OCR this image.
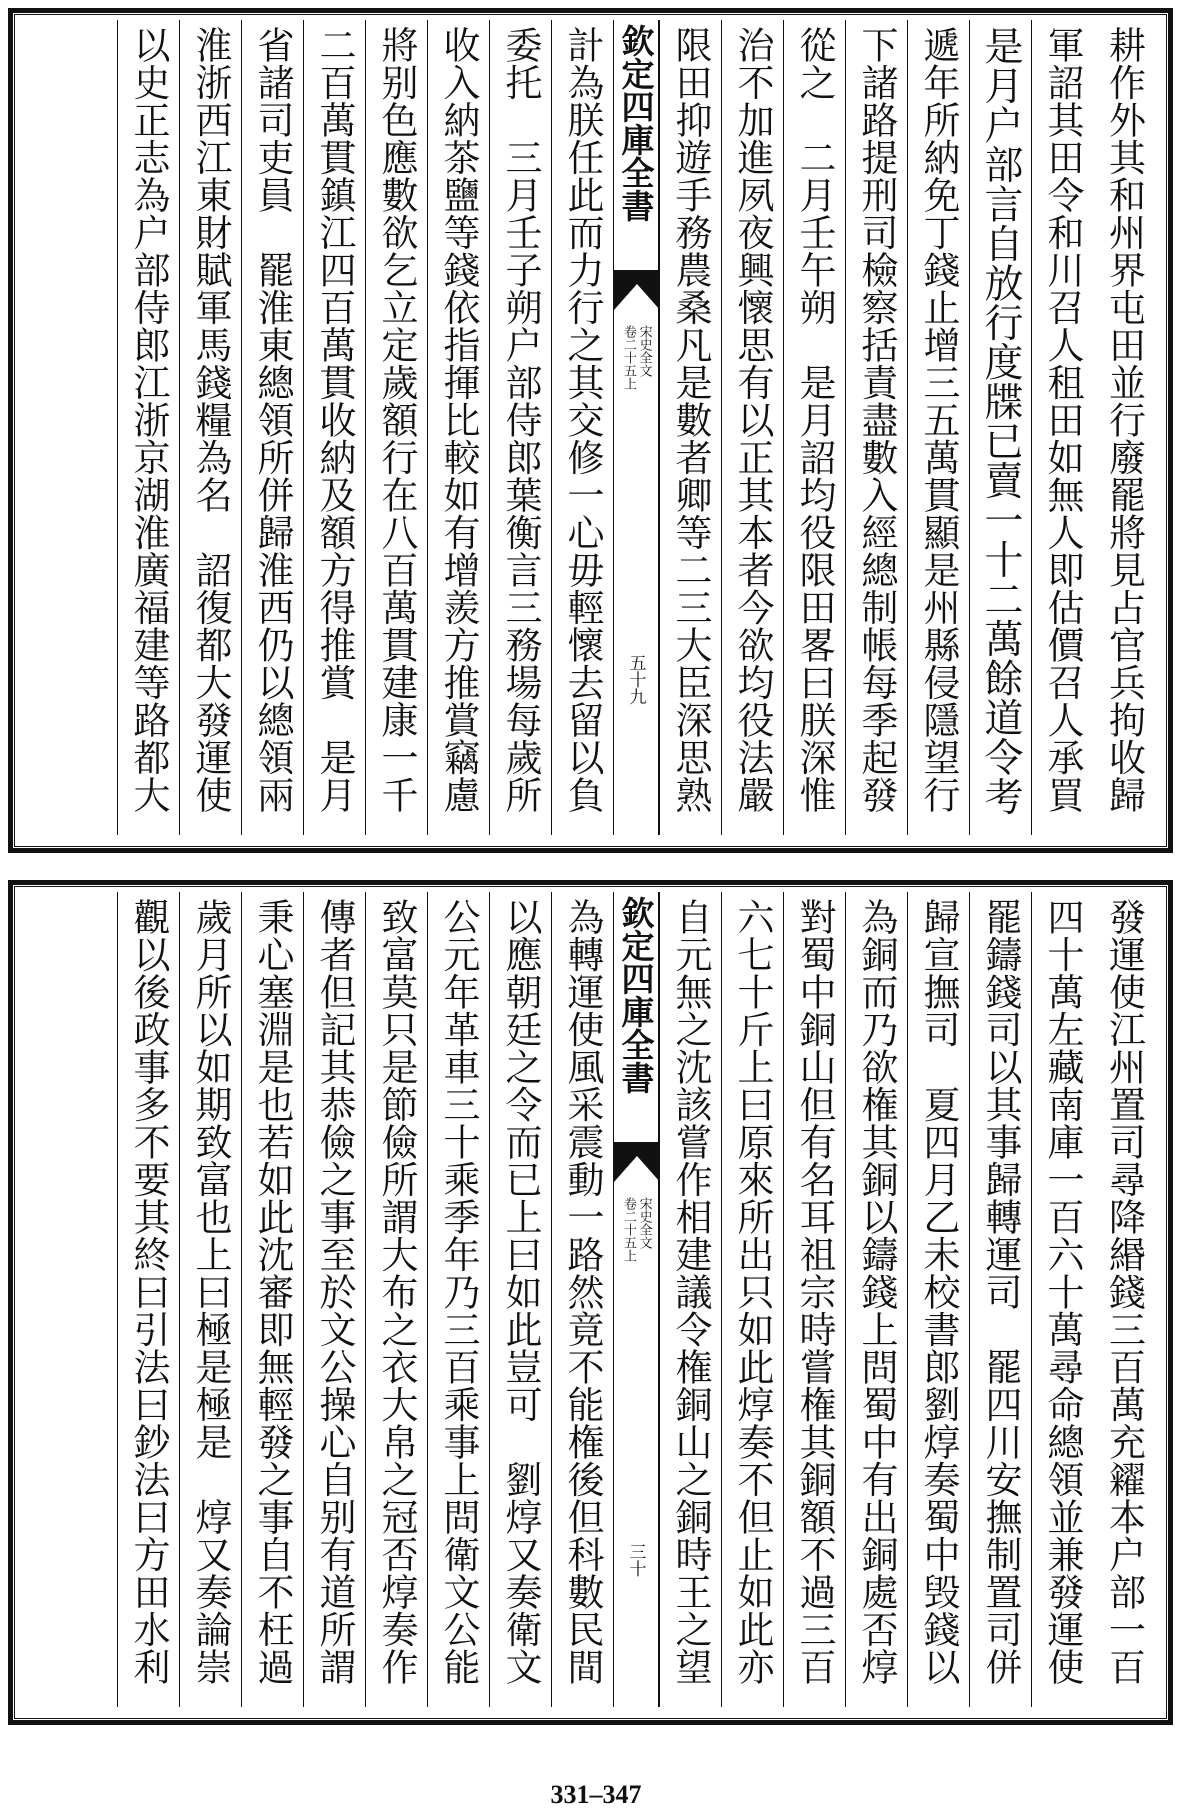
耕作外其和州界屯田並行廢罷將見占官兵拘收歸
軍詔其田令和川召人租田如無人即估價召人承買
是月户部言自放行度牒已賣一十二萬餘道令考
遞年所納免丁錢止增三五萬貫顯是州縣侵隱望行
下諸路提刑司檢察括責盡數入經總制帳每季起發
從之　二月壬午朔　是月詔均役限田畧曰朕深惟
治不加進夙夜興懷思有以正其本者今欲均役法嚴
限田抑遊手務農桑凡是數者卿等二三大臣深思熟
計為朕任此而力行之其交修一心毋輕懷去留以負
委托　三月壬子朔户部侍郎葉衡言三務場每歲所
收入納茶鹽等錢依指揮比較如有增羨方推賞竊慮
將别色應數欲乞立定歲額行在八百萬貫建康一千
二百萬貫鎮江四百萬貫收納及額方得推賞　是月
省諸司吏員　罷淮東總領所併歸淮西仍以總領兩
淮浙西江東財賦軍馬錢糧為名　詔復都大發運使
以史正志為户部侍郎江浙京湖淮廣福建等路都大	欽定四庫全書
宋史全文
卷二十五上
五十九
發運使江州置司尋降緡錢三百萬充糴本户部一百
四十萬左藏南庫一百六十萬尋命總領並兼發運使
罷鑄錢司以其事歸轉運司　罷四川安撫制置司併
歸宣撫司　夏四月乙未校書郎劉焞奏蜀中毁錢以
為銅而乃欲権其銅以鑄錢上問蜀中有出銅處否焞
對蜀中銅山但有名耳祖宗時嘗権其銅額不過三百
六七十斤上曰原來所出只如此焞奏不但止如此亦
自元無之沈該嘗作相建議令権銅山之銅時王之望
為轉運使風采震動一路然竟不能権後但科數民間
以應朝廷之令而已上曰如此豈可　劉焞又奏衛文
公元年革車三十乘季年乃三百乘事上問衛文公能
致富莫只是節儉所謂大布之衣大帛之冠否焞奏作
傳者但記其恭儉之事至於文公操心自别有道所謂
秉心塞淵是也若如此沈審即無輕發之事自不枉過
歲月所以如期致富也上曰極是極是　焞又奏論崇
觀以後政事多不要其終曰引法曰鈔法曰方田水利	欽定四庫全書
宋史全文
卷二十五上
三十
331–347
